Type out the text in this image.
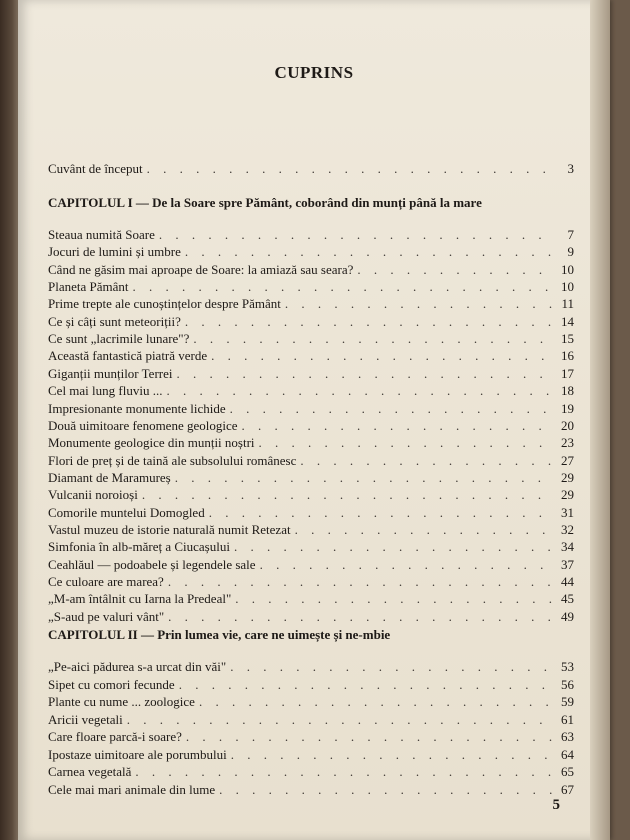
CUPRINS
Cuvânt de început . . .	3
CAPITOLUL I — De la Soare spre Pământ, coborând din munți până la mare
Steaua numită Soare . . .	7
Jocuri de lumini și umbre . . .	9
Când ne găsim mai aproape de Soare: la amiază sau seara? . . .	10
Planeta Pământ . . .	10
Prime trepte ale cunoștințelor despre Pământ . . .	11
Ce și câți sunt meteoriții? . . .	14
Ce sunt „lacrimile lunare"? . . .	15
Această fantastică piatră verde . . .	16
Giganții munților Terrei . . .	17
Cel mai lung fluviu ... . . .	18
Impresionante monumente lichide . . .	19
Două uimitoare fenomene geologice . . .	20
Monumente geologice din munții noștri . . .	23
Flori de preț și de taină ale subsolului românesc . . .	27
Diamant de Maramureș . . .	29
Vulcanii noroioși . . .	29
Comorile muntelui Domogled . . .	31
Vastul muzeu de istorie naturală numit Retezat . . .	32
Simfonia în alb-măreț a Ciucașului . . .	34
Ceahlăul — podoabele și legendele sale . . .	37
Ce culoare are marea? . . .	44
„M-am întâlnit cu Iarna la Predeal" . . .	45
„S-aud pe valuri vânt" . . .	49
CAPITOLUL II — Prin lumea vie, care ne uimește și ne-mbie
„Pe-aici pădurea s-a urcat din văi" . . .	53
Sipet cu comori fecunde . . .	56
Plante cu nume ... zoologice . . .	59
Aricii vegetali . . .	61
Care floare parcă-i soare? . . .	63
Ipostaze uimitoare ale porumbului . . .	64
Carnea vegetală . . .	65
Cele mai mari animale din lume . . .	67
5
